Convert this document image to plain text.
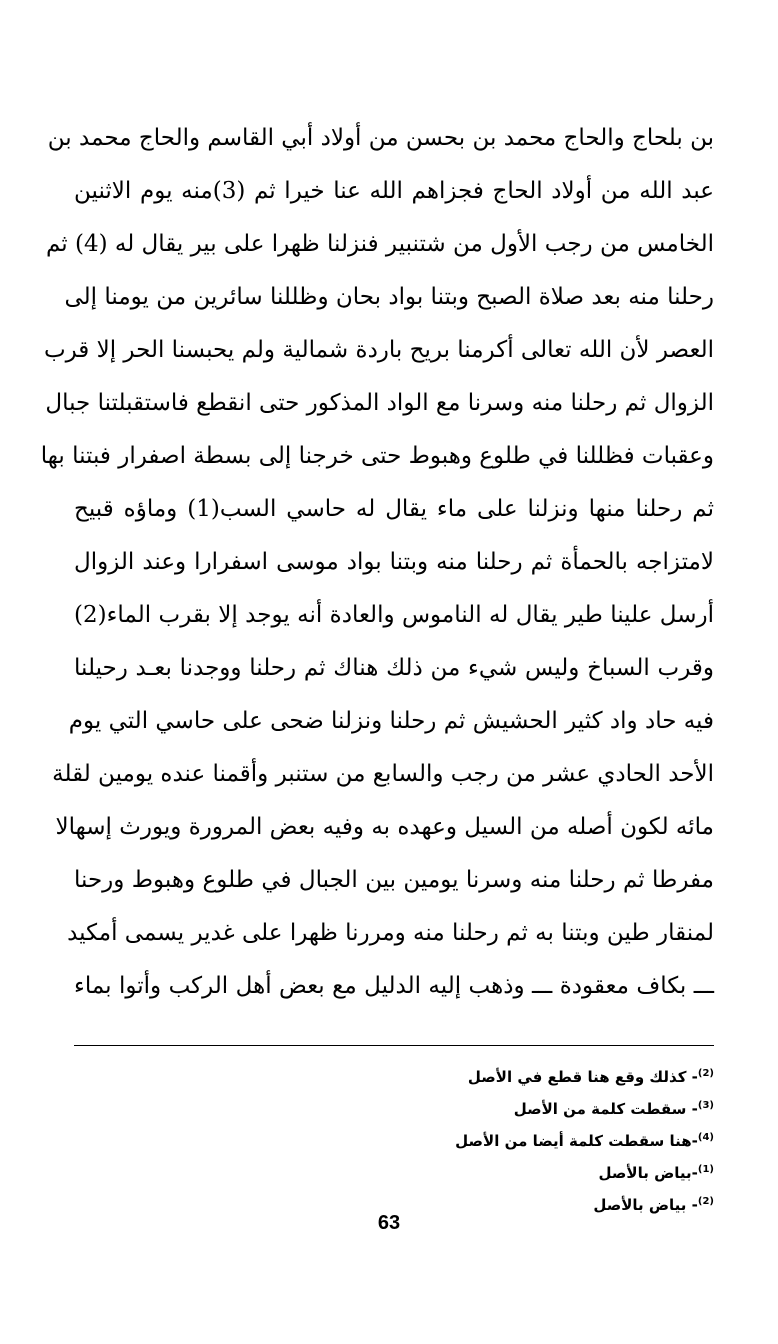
بن بلحاج والحاج محمد بن بحسن من أولاد أبي القاسم والحاج محمد بن
عبد الله من أولاد الحاج فجزاهم الله عنا خيرا ثم (3)منه يوم الاثنين
الخامس من رجب الأول من شتنبير فنزلنا ظهرا على بير يقال له (4) ثم
رحلنا منه بعد صلاة الصبح وبتنا بواد بحان وظللنا سائرين من يومنا إلى
العصر لأن الله تعالى أكرمنا بريح باردة شمالية ولم يحبسنا الحر إلا قرب
الزوال ثم رحلنا منه وسرنا مع الواد المذكور حتى انقطع فاستقبلتنا جبال
وعقبات فظللنا في طلوع وهبوط حتى خرجنا إلى بسطة اصفرار فبتنا بها
ثم رحلنا منها ونزلنا على ماء يقال له حاسي السب(1) وماؤه قبيح
لامتزاجه بالحمأة ثم رحلنا منه وبتنا بواد موسى اسفرارا وعند الزوال
أرسل علينا طير يقال له الناموس والعادة أنه يوجد إلا بقرب الماء(2)
وقرب السباخ وليس شيء من ذلك هناك ثم رحلنا ووجدنا بعـد رحيلنا
فيه حاد واد كثير الحشيش ثم رحلنا ونزلنا ضحى على حاسي التي يوم
الأحد الحادي عشر من رجب والسابع من ستنبر وأقمنا عنده يومين لقلة
مائه لكون أصله من السيل وعهده به وفيه بعض المرورة ويورث إسهالا
مفرطا ثم رحلنا منه وسرنا يومين بين الجبال في طلوع وهبوط ورحنا
لمنقار طين وبتنا به ثم رحلنا منه ومررنا ظهرا على غدير يسمى أمكيد
ـــ بكاف معقودة ـــ وذهب إليه الدليل مع بعض أهل الركب وأتوا بماء
$^{(2)}$- كذلك وقع هنا قطع في الأصل
$^{(3)}$- سقطت كلمة من الأصل
$^{(4)}$-هنا سقطت كلمة أيضا من الأصل
$^{(1)}$-بياض بالأصل
$^{(2)}$- بياض بالأصل
63
